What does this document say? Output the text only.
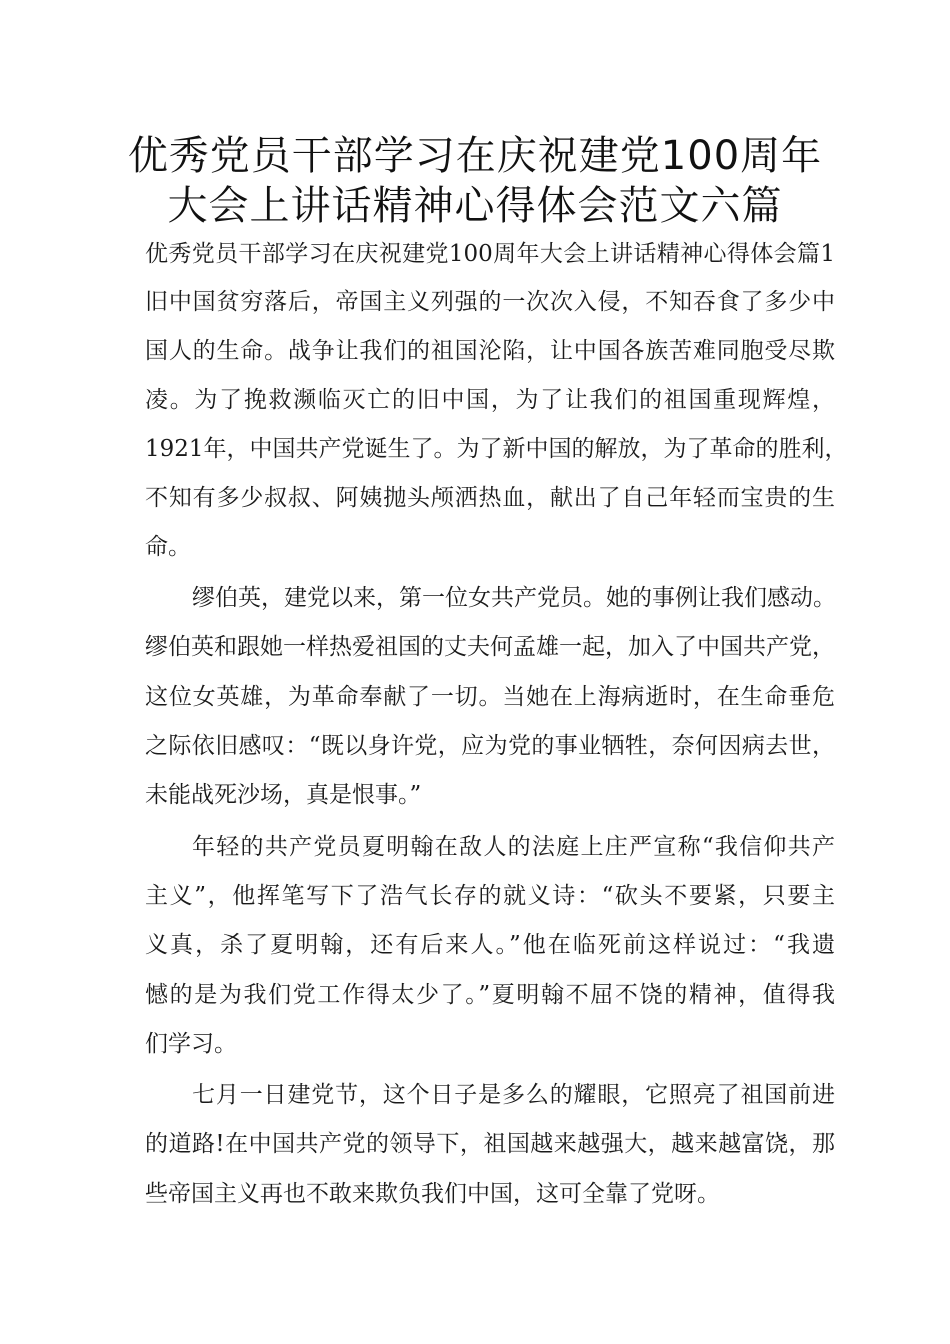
优秀党员干部学习在庆祝建党100周年
大会上讲话精神心得体会范文六篇
优秀党员干部学习在庆祝建党100周年大会上讲话精神心得体会篇1
旧中国贫穷落后，帝国主义列强的一次次入侵，不知吞食了多少中
国人的生命。战争让我们的祖国沦陷，让中国各族苦难同胞受尽欺
凌。为了挽救濒临灭亡的旧中国，为了让我们的祖国重现辉煌，
1921年，中国共产党诞生了。为了新中国的解放，为了革命的胜利，
不知有多少叔叔、阿姨抛头颅洒热血，献出了自己年轻而宝贵的生
命。
缪伯英，建党以来，第一位女共产党员。她的事例让我们感动。
缪伯英和跟她一样热爱祖国的丈夫何孟雄一起，加入了中国共产党，
这位女英雄，为革命奉献了一切。当她在上海病逝时，在生命垂危
之际依旧感叹：“既以身许党，应为党的事业牺牲，奈何因病去世，
未能战死沙场，真是恨事。”
年轻的共产党员夏明翰在敌人的法庭上庄严宣称“我信仰共产
主义”，他挥笔写下了浩气长存的就义诗：“砍头不要紧，只要主
义真，杀了夏明翰，还有后来人。”他在临死前这样说过：“我遗
憾的是为我们党工作得太少了。”夏明翰不屈不饶的精神，值得我
们学习。
七月一日建党节，这个日子是多么的耀眼，它照亮了祖国前进
的道路!在中国共产党的领导下，祖国越来越强大，越来越富饶，那
些帝国主义再也不敢来欺负我们中国，这可全靠了党呀。
